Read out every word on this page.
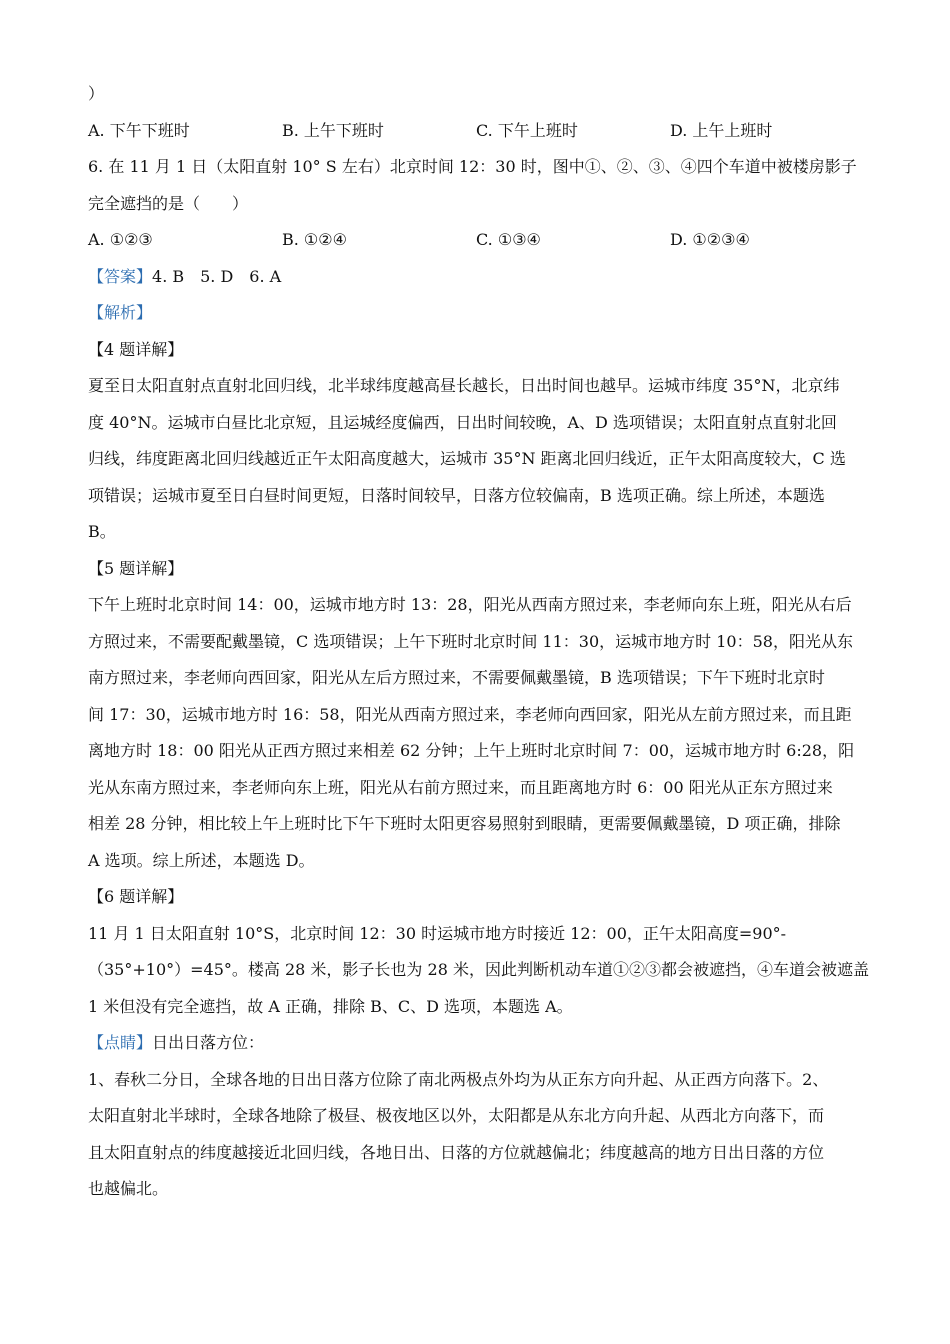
）
A. 下午下班时	B. 上午下班时	C. 下午上班时	D. 上午上班时
6. 在 11 月 1 日（太阳直射 10° S 左右）北京时间 12：30 时，图中①、②、③、④四个车道中被楼房影子
完全遮挡的是（　　）
A. ①②③	B. ①②④	C. ①③④	D. ①②③④
【答案】4. B　5. D　6. A
【解析】
【4 题详解】
夏至日太阳直射点直射北回归线，北半球纬度越高昼长越长，日出时间也越早。运城市纬度 35°N，北京纬
度 40°N。运城市白昼比北京短，且运城经度偏西，日出时间较晚，A、D 选项错误；太阳直射点直射北回
归线，纬度距离北回归线越近正午太阳高度越大，运城市 35°N 距离北回归线近，正午太阳高度较大，C 选
项错误；运城市夏至日白昼时间更短，日落时间较早，日落方位较偏南，B 选项正确。综上所述，本题选
B。
【5 题详解】
下午上班时北京时间 14：00，运城市地方时 13：28，阳光从西南方照过来，李老师向东上班，阳光从右后
方照过来，不需要配戴墨镜，C 选项错误；上午下班时北京时间 11：30，运城市地方时 10：58，阳光从东
南方照过来，李老师向西回家，阳光从左后方照过来，不需要佩戴墨镜，B 选项错误；下午下班时北京时
间 17：30，运城市地方时 16：58，阳光从西南方照过来，李老师向西回家，阳光从左前方照过来，而且距
离地方时 18：00 阳光从正西方照过来相差 62 分钟；上午上班时北京时间 7：00，运城市地方时 6:28，阳
光从东南方照过来，李老师向东上班，阳光从右前方照过来，而且距离地方时 6：00 阳光从正东方照过来
相差 28 分钟，相比较上午上班时比下午下班时太阳更容易照射到眼睛，更需要佩戴墨镜，D 项正确，排除
A 选项。综上所述，本题选 D。
【6 题详解】
11 月 1 日太阳直射 10°S，北京时间 12：30 时运城市地方时接近 12：00，正午太阳高度=90°-
（35°+10°）=45°。楼高 28 米，影子长也为 28 米，因此判断机动车道①②③都会被遮挡，④车道会被遮盖
1 米但没有完全遮挡，故 A 正确，排除 B、C、D 选项，本题选 A。
【点睛】日出日落方位：
1、春秋二分日，全球各地的日出日落方位除了南北两极点外均为从正东方向升起、从正西方向落下。2、
太阳直射北半球时，全球各地除了极昼、极夜地区以外，太阳都是从东北方向升起、从西北方向落下，而
且太阳直射点的纬度越接近北回归线，各地日出、日落的方位就越偏北；纬度越高的地方日出日落的方位
也越偏北。
